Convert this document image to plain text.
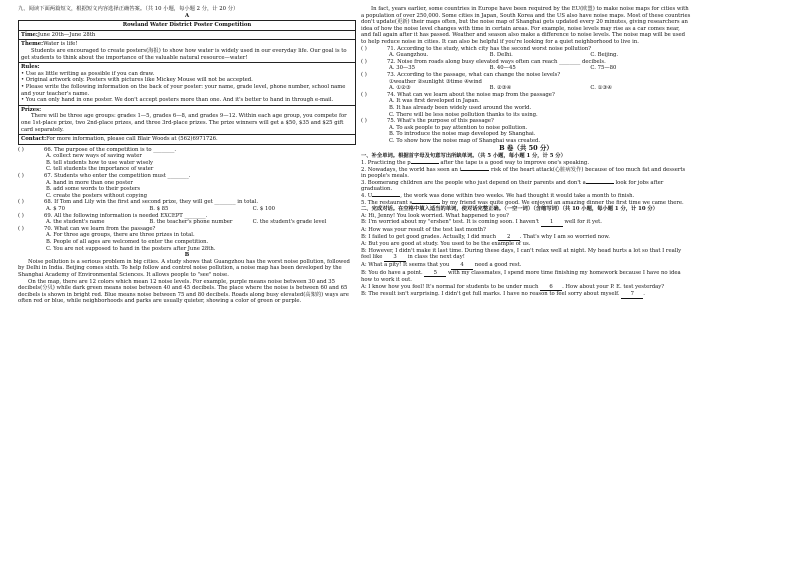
九、阅读下面两篇短文，根据短文内容选择正确答案。（共 10 小题，每小题 2 分，计 20 分）

A

Rowland Water District Poster Competition
Time:June 20th—June 28th

Theme:Water is life!

Students are encouraged to create posters(海报) to show how water is widely used in our everyday life. Our goal is to get students to think about the importance of the valuable natural resource—water!

Rules:

• Use as little writing as possible if you can draw.

• Original artwork only. Posters with pictures like Mickey Mouse will not be accepted.

• Please write the following information on the back of your poster: your name, grade level, phone number, school name and your teacher's name.

• You can only hand in one poster. We don't accept posters more than one. And it's better to hand in through e-mail.

Prizes:

There will be three age groups: grades 1—5, grades 6—8, and grades 9—12. Within each age group, you compete for one 1st-place prize, two 2nd-place prizes, and three 3rd-place prizes. The prize winners will get a $50, $35 and $25 gift card separately.

Contact:For more information, please call Blair Woods at (562)6971726.
( )	66. The purpose of the competition is to ________.
A. collect new ways of saving water
B. tell students how to use water wisely
C. tell students the importance of water
( )	67. Students who enter the competition must ________.
A. hand in more than one poster
B. add some words to their posters
C. create the posters without copying
( )	68. If Tom and Lily win the first and second prize, they will get ________ in total.
A. $ 70	B. $ 85	C. $ 100
( )	69. All the following information is needed EXCEPT ________.
A. the student's name	B. the teacher's phone number	C. the student's grade level
( )	70. What can we learn from the passage?
A. For three age groups, there are three prizes in total.
B. People of all ages are welcomed to enter the competition.
C. You are not supposed to hand in the posters after June 28th.

B

Noise pollution is a serious problem in big cities. A study shows that Guangzhou has the worst noise pollution, followed by Delhi in India. Beijing comes sixth. To help follow and control noise pollution, a noise map has been developed by the Shanghai Academy of Environmental Sciences. It allows people to "see" noise.

On the map, there are 12 colors which mean 12 noise levels. For example, purple means noise between 30 and 35 decibels(分贝) while dark green means noise between 40 and 45 decibels. The place where the noise is between 60 and 65 decibels is shown in bright red. Blue means noise between 75 and 80 decibels. Roads along busy elevated(高架的) ways are often red or blue, while neighborhoods and parks are usually quieter, showing a color of green or purple.

In fact, years earlier, some countries in Europe have been required by the EU(欧盟) to make noise maps for cities with a population of over 250,000. Some cities in Japan, South Korea and the US also have noise maps. Most of these countries don't update(更新) their maps often, but the noise map of Shanghai gets updated every 20 minutes, giving researchers an idea of how the noise level changes with time in certain areas. For example, noise levels may rise as a car comes near, and fall again after it has passed. Weather and season also make a difference to noise levels. The noise map will be used to help reduce noise in cities. It can also be helpful if you're looking for a quiet neighborhood to live in.

( )	71. According to the study, which city has the second worst noise pollution?
A. Guangzhou.	B. Delhi.	C. Beijing.
( )	72. Noise from roads along busy elevated ways often can reach ________ decibels.
A. 30—35	B. 40—45	C. 75—80
( )	73. According to the passage, what can change the noise levels?
①weather ②sunlight ③time ④wind
A. ①②③	B. ②③④	C. ①③④
( )	74. What can we learn about the noise map from the passage?
A. It was first developed in Japan.
B. It has already been widely used around the world.
C. There will be less noise pollution thanks to its using.
( )	75. What's the purpose of this passage?
A. To ask people to pay attention to noise pollution.
B. To introduce the noise map developed by Shanghai.
C. To show how the noise map of Shanghai was created.

B 卷（共 50 分）

一、补全单词。根据首字母及句意写出所缺单词。（共 5 小题，每小题 1 分，计 5 分）

1. Practicing the p	after the tape is a good way to improve one's speaking.

2. Nowadays, the world has seen an i	risk of the heart attack(心脏病发作) because of too much fat and desserts in people's meals.

3. Boomerang children are the people who just depend on their parents and don't a	look for jobs after graduation.

4. U	, the work was done within two weeks. We had thought it would take a month to finish.

5. The restaurant s	by my friend was quite good. We enjoyed an amazing dinner the first time we came there.

二、完成对话。在空格中填入适当的单词，使对话完整正确。（一空一词）（含缩写词）（共 10 小题，每小题 1 分，计 10 分）

A: Hi, Jenny! You look worried. What happened to you?

B: I'm worried about my "ershen" test. It is coming soon. I haven't 1 well for it yet.

A: How was your result of the test last month?

B: I failed to get good grades. Actually, I did much 2 . That's why I am so worried now.

A: But you are good at study. You used to be the example of us.

B: However, I didn't make it last time. During these days, I can't relax well at night. My head hurts a lot so that I really feel like 3 in class the next day!

A: What a pity! It seems that you 4 need a good rest.

B: You do have a point. 5 with my classmates, I spend more time finishing my homework because I have no idea how to work it out.

A: I know how you feel! It's normal for students to be under much 6 . How about your P. E. test yesterday?

B: The result isn't surprising. I didn't get full marks. I have no reason to feel sorry about myself. 7 .
